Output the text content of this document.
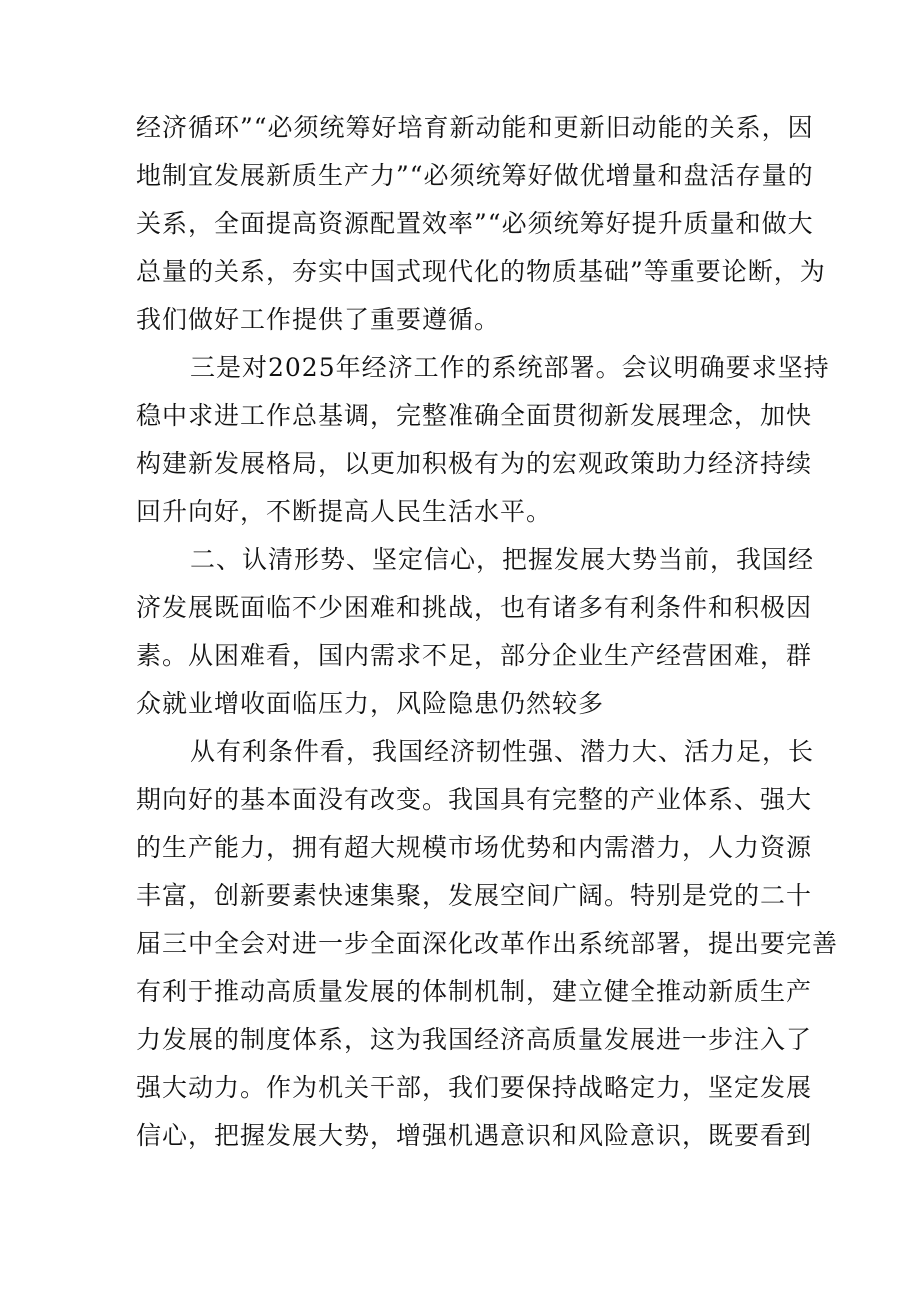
经济循环”“必须统筹好培育新动能和更新旧动能的关系，因
地制宜发展新质生产力”“必须统筹好做优增量和盘活存量的
关系，全面提高资源配置效率”“必须统筹好提升质量和做大
总量的关系，夯实中国式现代化的物质基础”等重要论断，为
我们做好工作提供了重要遵循。
三是对2025年经济工作的系统部署。会议明确要求坚持
稳中求进工作总基调，完整准确全面贯彻新发展理念，加快
构建新发展格局，以更加积极有为的宏观政策助力经济持续
回升向好，不断提高人民生活水平。
二、认清形势、坚定信心，把握发展大势当前，我国经
济发展既面临不少困难和挑战，也有诸多有利条件和积极因
素。从困难看，国内需求不足，部分企业生产经营困难，群
众就业增收面临压力，风险隐患仍然较多
从有利条件看，我国经济韧性强、潜力大、活力足，长
期向好的基本面没有改变。我国具有完整的产业体系、强大
的生产能力，拥有超大规模市场优势和内需潜力，人力资源
丰富，创新要素快速集聚，发展空间广阔。特别是党的二十
届三中全会对进一步全面深化改革作出系统部署，提出要完善
有利于推动高质量发展的体制机制，建立健全推动新质生产
力发展的制度体系，这为我国经济高质量发展进一步注入了
强大动力。作为机关干部，我们要保持战略定力，坚定发展
信心，把握发展大势，增强机遇意识和风险意识，既要看到
